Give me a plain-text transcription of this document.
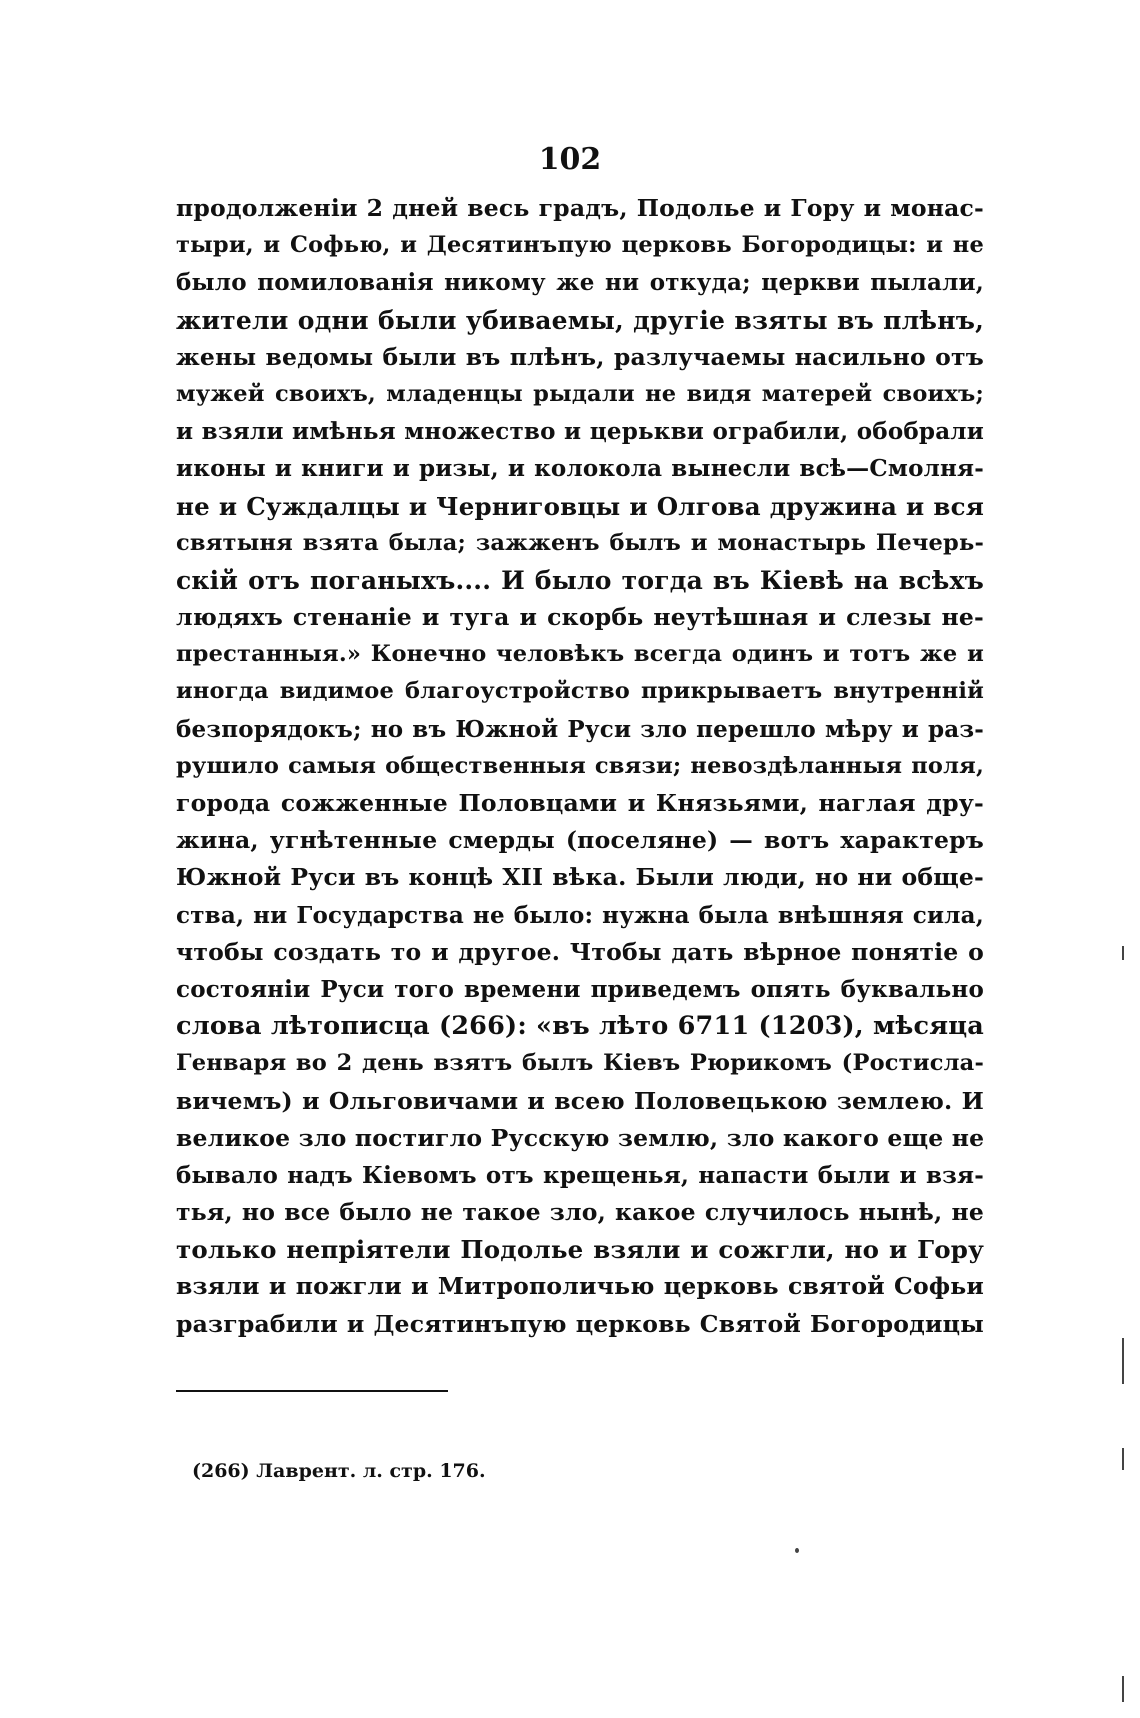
102
продолженіи 2 дней весь градъ, Подолье и Гору и монас-
тыри, и Софью, и Десятинъпую церковь Богородицы: и не
было помилованія никому же ни откуда; церкви пылали,
жители одни были убиваемы, другіе взяты въ плѣнъ,
жены ведомы были въ плѣнъ, разлучаемы насильно отъ
мужей своихъ, младенцы рыдали не видя матерей своихъ;
и взяли имѣнья множество и церькви ограбили, обобрали
иконы и книги и ризы, и колокола вынесли всѣ—Смолня-
не и Суждалцы и Черниговцы и Олгова дружина и вся
святыня взята была; зажженъ былъ и монастырь Печерь-
скій отъ поганыхъ.... И было тогда въ Кіевѣ на всѣхъ
людяхъ стенаніе и туга и скорбь неутѣшная и слезы не-
престанныя.» Конечно человѣкъ всегда одинъ и тотъ же и
иногда видимое благоустройство прикрываетъ внутренній
безпорядокъ; но въ Южной Руси зло перешло мѣру и раз-
рушило самыя общественныя связи; невоздѣланныя поля,
города сожженные Половцами и Князьями, наглая дру-
жина, угнѣтенные смерды (поселяне) — вотъ характеръ
Южной Руси въ концѣ XII вѣка. Были люди, но ни обще-
ства, ни Государства не было: нужна была внѣшняя сила,
чтобы создать то и другое. Чтобы дать вѣрное понятіе о
состояніи Руси того времени приведемъ опять буквально
слова лѣтописца (266): «въ лѣто 6711 (1203), мѣсяца
Генваря во 2 день взятъ былъ Кіевъ Рюрикомъ (Ростисла-
вичемъ) и Ольговичами и всею Половецькою землею. И
великое зло постигло Русскую землю, зло какого еще не
бывало надъ Кіевомъ отъ крещенья, напасти были и взя-
тья, но все было не такое зло, какое случилось нынѣ, не
только непріятели Подолье взяли и сожгли, но и Гору
взяли и пожгли и Митрополичью церковь святой Софьи
разграбили и Десятинъпую церковь Святой Богородицы
(266) Лаврент. л. стр. 176.
